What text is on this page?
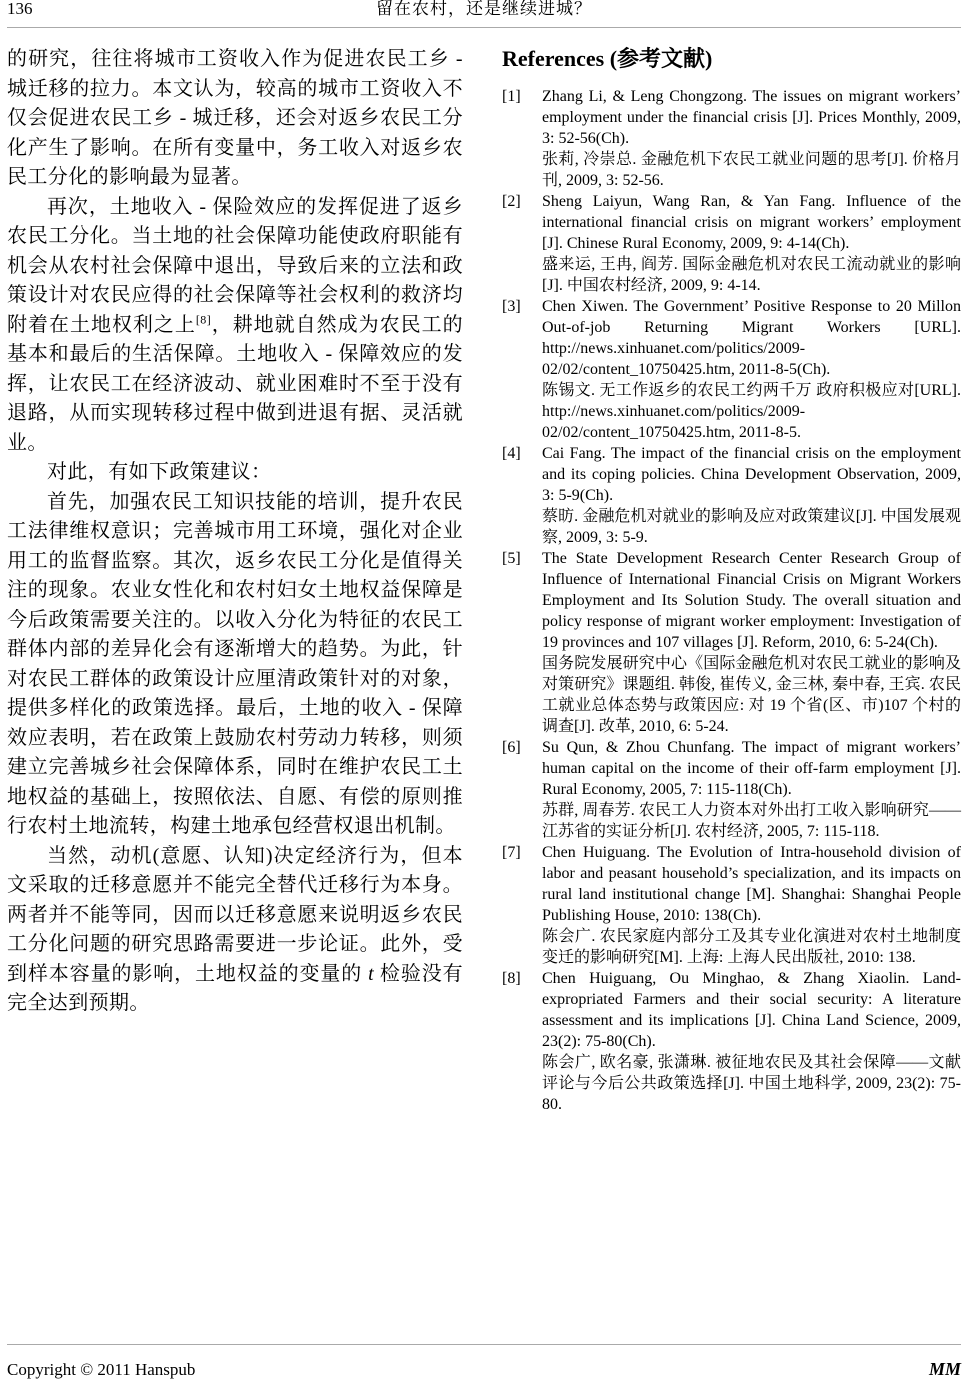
136	留在农村，还是继续进城？

的研究，往往将城市工资收入作为促进农民工乡 - 城迁移的拉力。本文认为，较高的城市工资收入不仅会促进农民工乡 - 城迁移，还会对返乡农民工分化产生了影响。在所有变量中，务工收入对返乡农民工分化的影响最为显著。

再次，土地收入 - 保险效应的发挥促进了返乡农民工分化。当土地的社会保障功能使政府职能有机会从农村社会保障中退出，导致后来的立法和政策设计对农民应得的社会保障等社会权利的救济均附着在土地权利之上[8]，耕地就自然成为农民工的基本和最后的生活保障。土地收入 - 保障效应的发挥，让农民工在经济波动、就业困难时不至于没有退路，从而实现转移过程中做到进退有据、灵活就业。

对此，有如下政策建议：

首先，加强农民工知识技能的培训，提升农民工法律维权意识；完善城市用工环境，强化对企业用工的监督监察。其次，返乡农民工分化是值得关注的现象。农业女性化和农村妇女土地权益保障是今后政策需要关注的。以收入分化为特征的农民工群体内部的差异化会有逐渐增大的趋势。为此，针对农民工群体的政策设计应厘清政策针对的对象，提供多样化的政策选择。最后，土地的收入 - 保障效应表明，若在政策上鼓励农村劳动力转移，则须建立完善城乡社会保障体系，同时在维护农民工土地权益的基础上，按照依法、自愿、有偿的原则推行农村土地流转，构建土地承包经营权退出机制。

当然，动机(意愿、认知)决定经济行为，但本文采取的迁移意愿并不能完全替代迁移行为本身。两者并不能等同，因而以迁移意愿来说明返乡农民工分化问题的研究思路需要进一步论证。此外，受到样本容量的影响，土地权益的变量的 t 检验没有完全达到预期。

References (参考文献)
[1]	Zhang Li, & Leng Chongzong. The issues on migrant workers’ employment under the financial crisis [J]. Prices Monthly, 2009, 3: 52-56(Ch).
张莉, 冷崇总. 金融危机下农民工就业问题的思考[J]. 价格月刊, 2009, 3: 52-56.
[2]	Sheng Laiyun, Wang Ran, & Yan Fang. Influence of the international financial crisis on migrant workers’ employment [J]. Chinese Rural Economy, 2009, 9: 4-14(Ch).
盛来运, 王冉, 阎芳. 国际金融危机对农民工流动就业的影响[J]. 中国农村经济, 2009, 9: 4-14.
[3]	Chen Xiwen. The Government’ Positive Response to 20 Millon Out-of-job Returning Migrant Workers [URL]. http://news.xinhuanet.com/politics/2009-02/02/content_10750425.htm, 2011-8-5(Ch).
陈锡文. 无工作返乡的农民工约两千万 政府积极应对[URL]. http://news.xinhuanet.com/politics/2009-02/02/content_10750425.htm, 2011-8-5.
[4]	Cai Fang. The impact of the financial crisis on the employment and its coping policies. China Development Observation, 2009, 3: 5-9(Ch).
蔡昉. 金融危机对就业的影响及应对政策建议[J]. 中国发展观察, 2009, 3: 5-9.
[5]	The State Development Research Center Research Group of Influence of International Financial Crisis on Migrant Workers Employment and Its Solution Study. The overall situation and policy response of migrant worker employment: Investigation of 19 provinces and 107 villages [J]. Reform, 2010, 6: 5-24(Ch).
国务院发展研究中心《国际金融危机对农民工就业的影响及对策研究》课题组. 韩俊, 崔传义, 金三林, 秦中春, 王宾. 农民工就业总体态势与政策因应: 对 19 个省(区、市)107 个村的调查[J]. 改革, 2010, 6: 5-24.
[6]	Su Qun, & Zhou Chunfang. The impact of migrant workers’ human capital on the income of their off-farm employment [J]. Rural Economy, 2005, 7: 115-118(Ch).
苏群, 周春芳. 农民工人力资本对外出打工收入影响研究——江苏省的实证分析[J]. 农村经济, 2005, 7: 115-118.
[7]	Chen Huiguang. The Evolution of Intra-household division of labor and peasant household’s specialization, and its impacts on rural land institutional change [M]. Shanghai: Shanghai People Publishing House, 2010: 138(Ch).
陈会广. 农民家庭内部分工及其专业化演进对农村土地制度变迁的影响研究[M]. 上海: 上海人民出版社, 2010: 138.
[8]	Chen Huiguang, Ou Minghao, & Zhang Xiaolin. Land-expropriated Farmers and their social security: A literature assessment and its implications [J]. China Land Science, 2009, 23(2): 75-80(Ch).
陈会广, 欧名豪, 张潇琳. 被征地农民及其社会保障——文献评论与今后公共政策选择[J]. 中国土地科学, 2009, 23(2): 75-80.
Copyright © 2011 Hanspub	MM
